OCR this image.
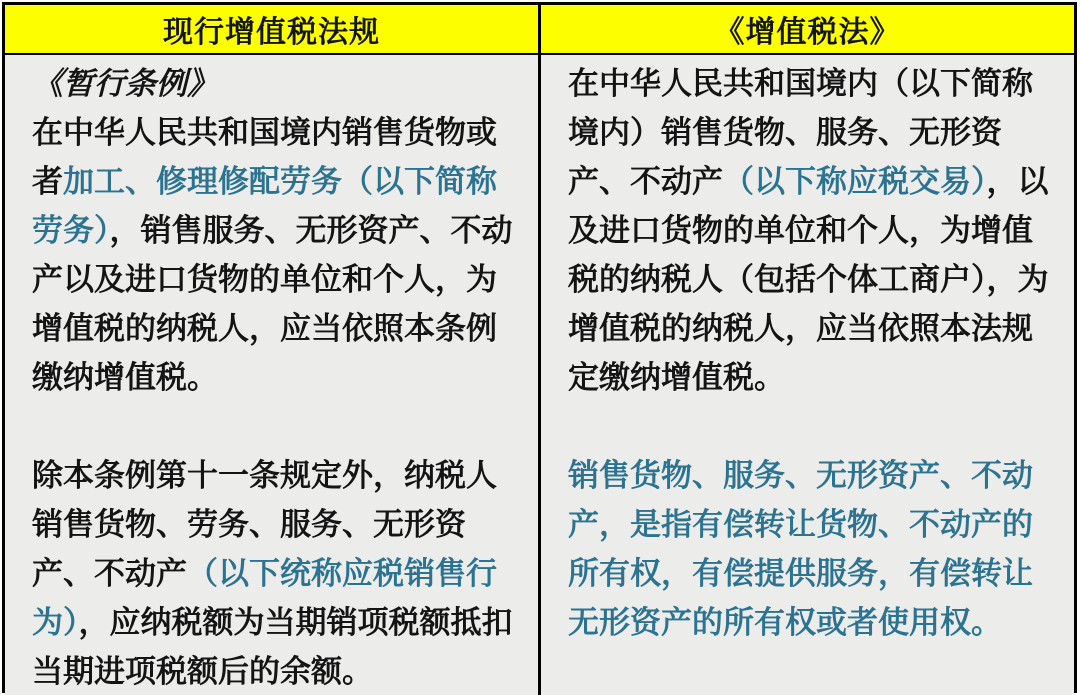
现行增值税法规	《增值税法》

《暂行条例》

在中华人民共和国境内销售货物或者加工、修理修配劳务（以下简称劳务），销售服务、无形资产、不动产以及进口货物的单位和个人，为增值税的纳税人，应当依照本条例缴纳增值税。

除本条例第十一条规定外，纳税人销售货物、劳务、服务、无形资产、不动产（以下统称应税销售行为），应纳税额为当期销项税额抵扣当期进项税额后的余额。

在中华人民共和国境内（以下简称境内）销售货物、服务、无形资产、不动产（以下称应税交易），以及进口货物的单位和个人，为增值税的纳税人（包括个体工商户），为增值税的纳税人，应当依照本法规定缴纳增值税。

销售货物、服务、无形资产、不动产，是指有偿转让货物、不动产的所有权，有偿提供服务，有偿转让无形资产的所有权或者使用权。
